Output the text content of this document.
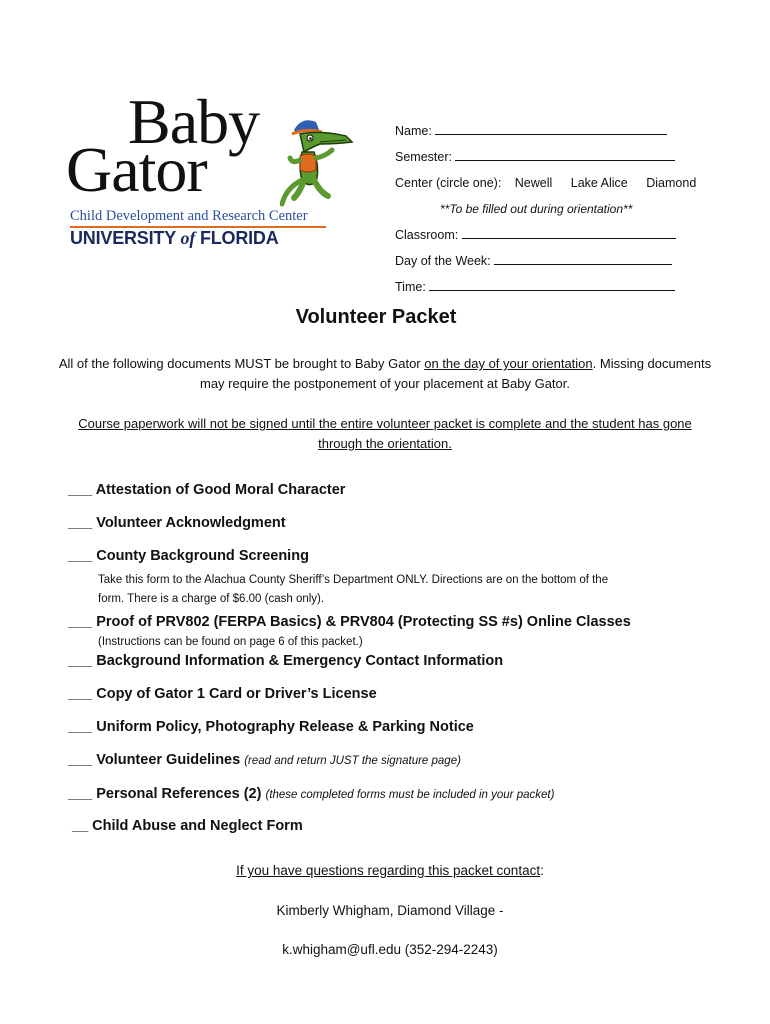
Baby
Gator
Child Development and Research Center
UNIVERSITY of FLORIDA
Name:
Semester:
Center (circle one): Newell Lake Alice Diamond
**To be filled out during orientation**
Classroom:
Day of the Week:
Time:
Volunteer Packet
All of the following documents MUST be brought to Baby Gator on the day of your orientation. Missing documents may require the postponement of your placement at Baby Gator.
Course paperwork will not be signed until the entire volunteer packet is complete and the student has gone through the orientation.
___ Attestation of Good Moral Character
___ Volunteer Acknowledgment
___ County Background Screening
Take this form to the Alachua County Sheriff’s Department ONLY. Directions are on the bottom of the
form. There is a charge of $6.00 (cash only).
___ Proof of PRV802 (FERPA Basics) & PRV804 (Protecting SS #s) Online Classes
(Instructions can be found on page 6 of this packet.)
___ Background Information & Emergency Contact Information
___ Copy of Gator 1 Card or Driver’s License
___ Uniform Policy, Photography Release & Parking Notice
___ Volunteer Guidelines (read and return JUST the signature page)
___ Personal References (2) (these completed forms must be included in your packet)
__ Child Abuse and Neglect Form
If you have questions regarding this packet contact:
Kimberly Whigham, Diamond Village -
k.whigham@ufl.edu (352-294-2243)
